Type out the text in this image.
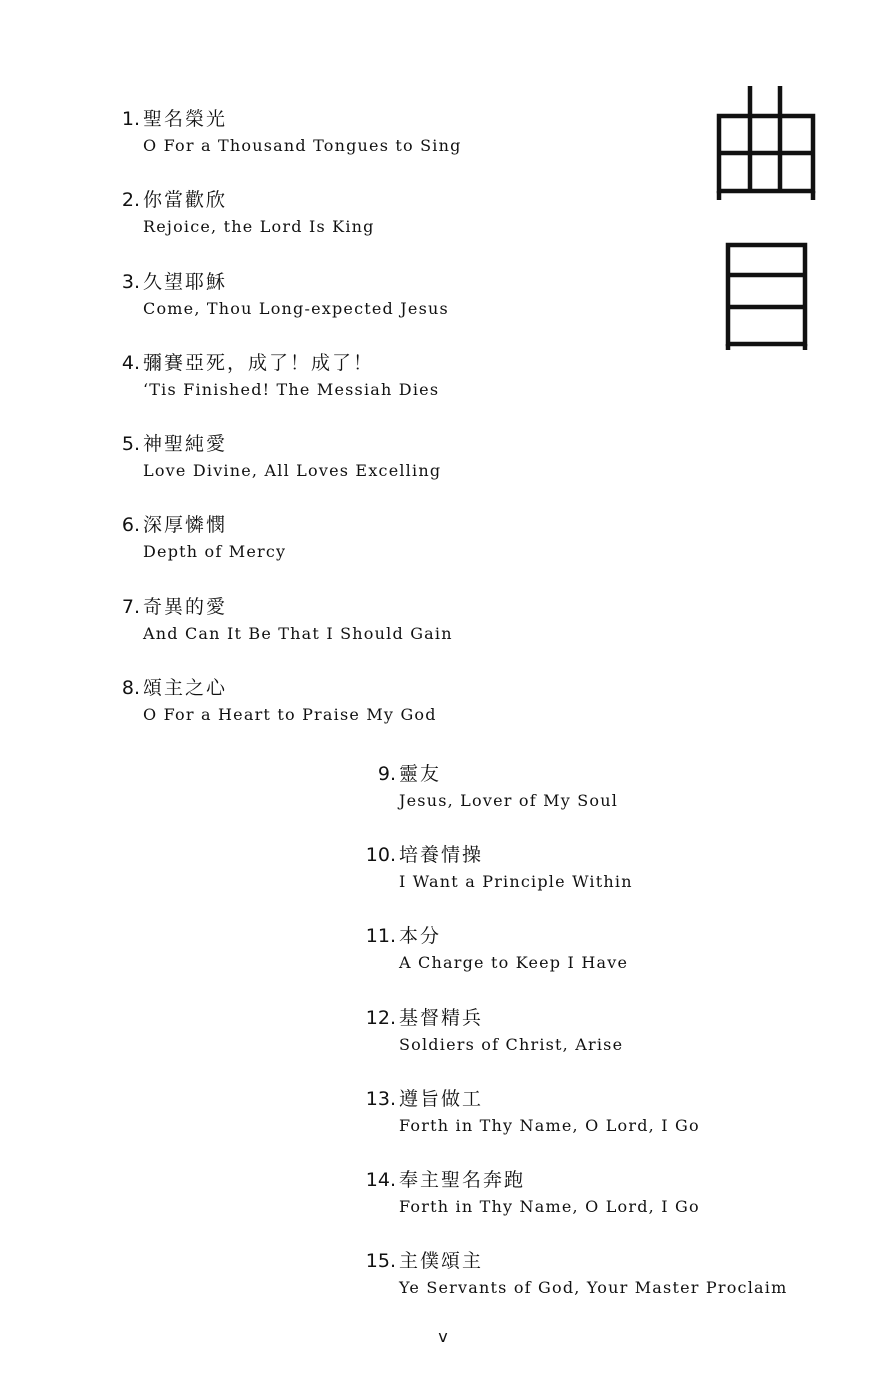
1. 聖名榮光
O For a Thousand Tongues to Sing
2. 你當歡欣
Rejoice, the Lord Is King
3. 久望耶穌
Come, Thou Long-expected Jesus
4. 彌賽亞死，成了！成了！
‘Tis Finished! The Messiah Dies
5. 神聖純愛
Love Divine, All Loves Excelling
6. 深厚憐憫
Depth of Mercy
7. 奇異的愛
And Can It Be That I Should Gain
8. 頌主之心
O For a Heart to Praise My God
9. 靈友
Jesus, Lover of My Soul
10. 培養情操
I Want a Principle Within
11. 本分
A Charge to Keep I Have
12. 基督精兵
Soldiers of Christ, Arise
13. 遵旨做工
Forth in Thy Name, O Lord, I Go
14. 奉主聖名奔跑
Forth in Thy Name, O Lord, I Go
15. 主僕頌主
Ye Servants of God, Your Master Proclaim
v
